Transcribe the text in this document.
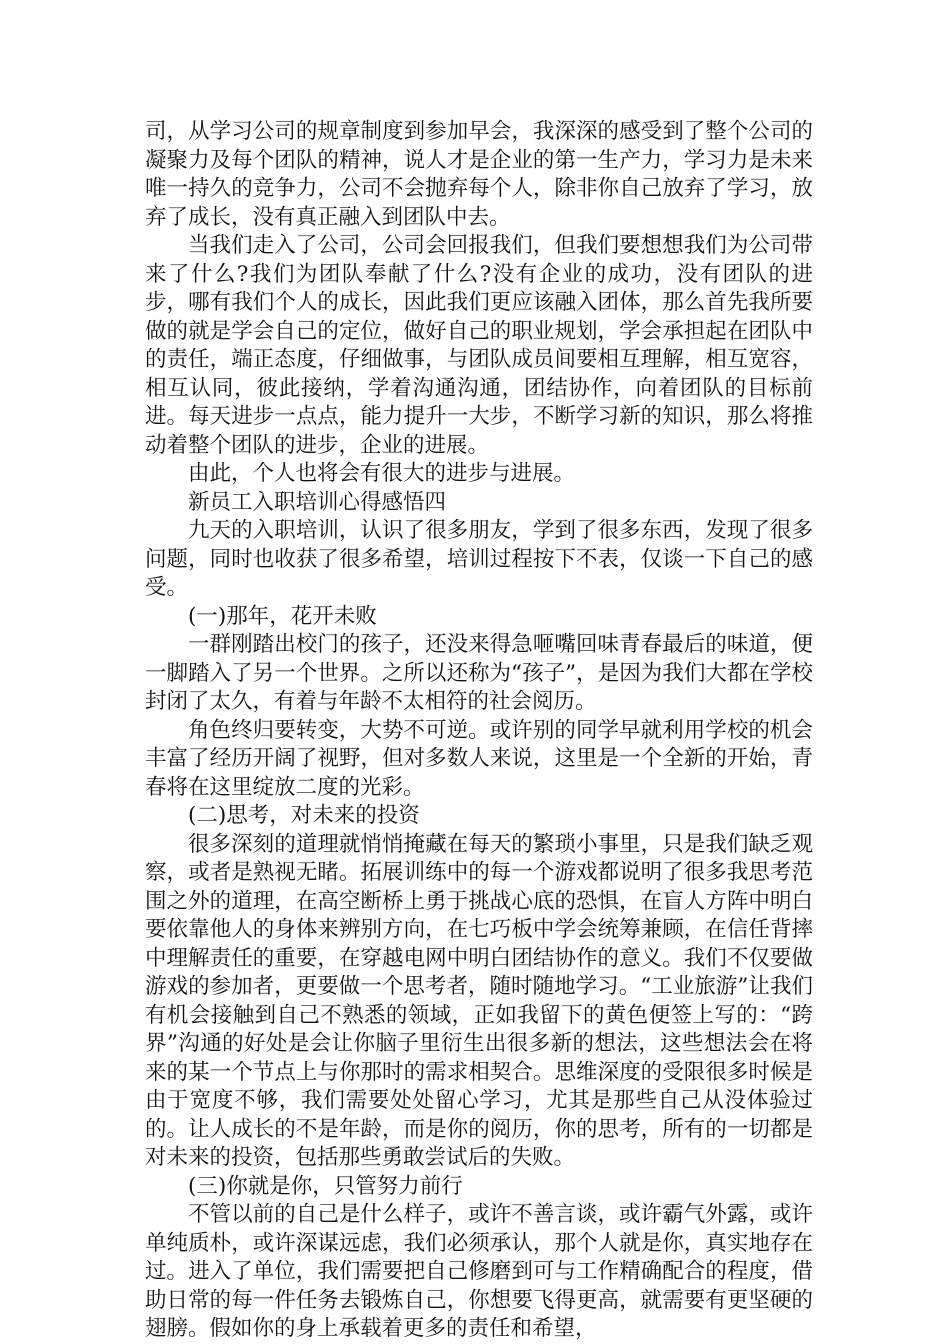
司，从学习公司的规章制度到参加早会，我深深的感受到了整个公司的凝聚力及每个团队的精神，说人才是企业的第一生产力，学习力是未来唯一持久的竞争力，公司不会抛弃每个人，除非你自己放弃了学习，放弃了成长，没有真正融入到团队中去。

当我们走入了公司，公司会回报我们，但我们要想想我们为公司带来了什么?我们为团队奉献了什么?没有企业的成功，没有团队的进步，哪有我们个人的成长，因此我们更应该融入团体，那么首先我所要做的就是学会自己的定位，做好自己的职业规划，学会承担起在团队中的责任，端正态度，仔细做事，与团队成员间要相互理解，相互宽容，相互认同，彼此接纳，学着沟通沟通，团结协作，向着团队的目标前进。每天进步一点点，能力提升一大步，不断学习新的知识，那么将推动着整个团队的进步，企业的进展。

由此，个人也将会有很大的进步与进展。

新员工入职培训心得感悟四

九天的入职培训，认识了很多朋友，学到了很多东西，发现了很多问题，同时也收获了很多希望，培训过程按下不表，仅谈一下自己的感受。

(一)那年，花开未败

一群刚踏出校门的孩子，还没来得急咂嘴回味青春最后的味道，便一脚踏入了另一个世界。之所以还称为“孩子”，是因为我们大都在学校封闭了太久，有着与年龄不太相符的社会阅历。

角色终归要转变，大势不可逆。或许别的同学早就利用学校的机会丰富了经历开阔了视野，但对多数人来说，这里是一个全新的开始，青春将在这里绽放二度的光彩。

(二)思考，对未来的投资

很多深刻的道理就悄悄掩藏在每天的繁琐小事里，只是我们缺乏观察，或者是熟视无睹。拓展训练中的每一个游戏都说明了很多我思考范围之外的道理，在高空断桥上勇于挑战心底的恐惧，在盲人方阵中明白要依靠他人的身体来辨别方向，在七巧板中学会统筹兼顾，在信任背摔中理解责任的重要，在穿越电网中明白团结协作的意义。我们不仅要做游戏的参加者，更要做一个思考者，随时随地学习。“工业旅游”让我们有机会接触到自己不熟悉的领域，正如我留下的黄色便签上写的：“跨界”沟通的好处是会让你脑子里衍生出很多新的想法，这些想法会在将来的某一个节点上与你那时的需求相契合。思维深度的受限很多时候是由于宽度不够，我们需要处处留心学习，尤其是那些自己从没体验过的。让人成长的不是年龄，而是你的阅历，你的思考，所有的一切都是对未来的投资，包括那些勇敢尝试后的失败。

(三)你就是你，只管努力前行

不管以前的自己是什么样子，或许不善言谈，或许霸气外露，或许单纯质朴，或许深谋远虑，我们必须承认，那个人就是你，真实地存在过。进入了单位，我们需要把自己修磨到可与工作精确配合的程度，借助日常的每一件任务去锻炼自己，你想要飞得更高，就需要有更坚硬的翅膀。假如你的身上承载着更多的责任和希望，
